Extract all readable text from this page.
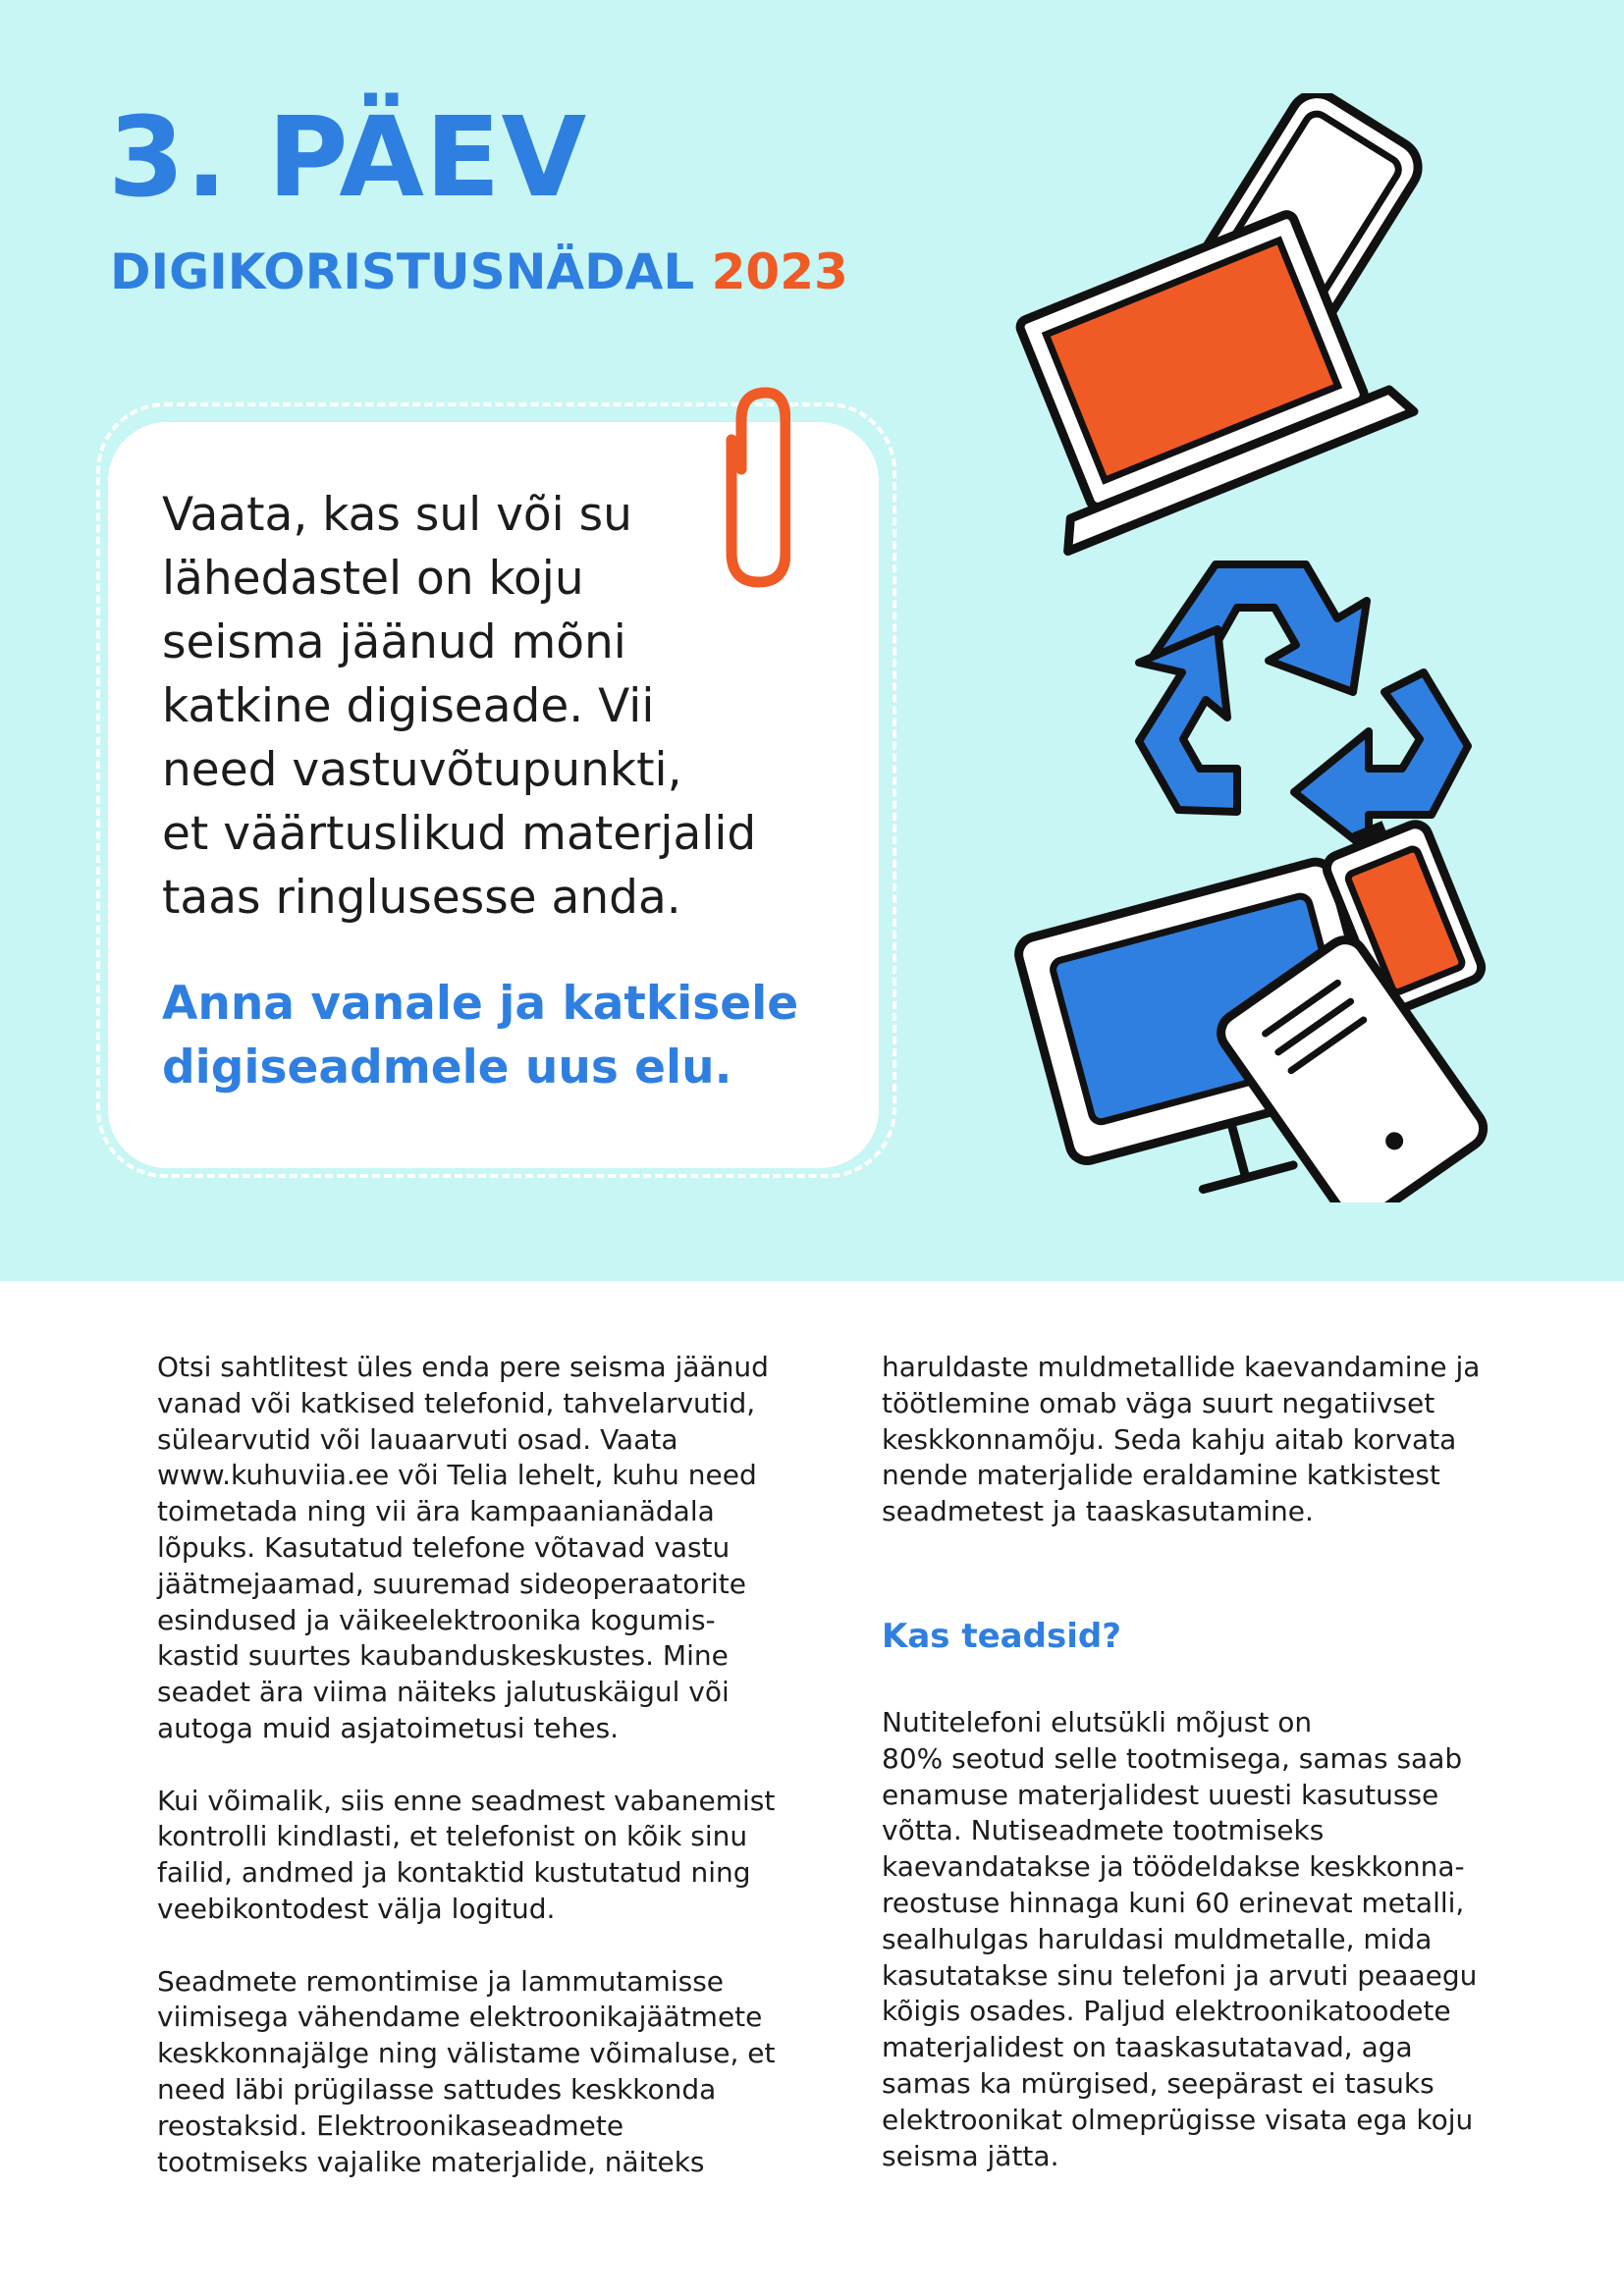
3. PÄEV
DIGIKORISTUSNÄDAL 2023

Vaata, kas sul või su
lähedastel on koju
seisma jäänud mõni
katkine digiseade. Vii
need vastuvõtupunkti,
et väärtuslikud materjalid
taas ringlusesse anda.

Anna vanale ja katkisele
digiseadmele uus elu.

Otsi sahtlitest üles enda pere seisma jäänud
vanad või katkised telefonid, tahvelarvutid,
sülearvutid või lauaarvuti osad. Vaata
www.kuhuviia.ee või Telia lehelt, kuhu need
toimetada ning vii ära kampaanianädala
lõpuks. Kasutatud telefone võtavad vastu
jäätmejaamad, suuremad sideoperaatorite
esindused ja väikeelektroonika kogumis-
kastid suurtes kaubanduskeskustes. Mine
seadet ära viima näiteks jalutuskäigul või
autoga muid asjatoimetusi tehes.

Kui võimalik, siis enne seadmest vabanemist
kontrolli kindlasti, et telefonist on kõik sinu
failid, andmed ja kontaktid kustutatud ning
veebikontodest välja logitud.

Seadmete remontimise ja lammutamisse
viimisega vähendame elektroonikajäätmete
keskkonnajälge ning välistame võimaluse, et
need läbi prügilasse sattudes keskkonda
reostaksid. Elektroonikaseadmete
tootmiseks vajalike materjalide, näiteks

haruldaste muldmetallide kaevandamine ja
töötlemine omab väga suurt negatiivset
keskkonnamõju. Seda kahju aitab korvata
nende materjalide eraldamine katkistest
seadmetest ja taaskasutamine.

Kas teadsid?

Nutitelefoni elutsükli mõjust on
80% seotud selle tootmisega, samas saab
enamuse materjalidest uuesti kasutusse
võtta. Nutiseadmete tootmiseks
kaevandatakse ja töödeldakse keskkonna-
reostuse hinnaga kuni 60 erinevat metalli,
sealhulgas haruldasi muldmetalle, mida
kasutatakse sinu telefoni ja arvuti peaaegu
kõigis osades. Paljud elektroonikatoodete
materjalidest on taaskasutatavad, aga
samas ka mürgised, seepärast ei tasuks
elektroonikat olmeprügisse visata ega koju
seisma jätta.
